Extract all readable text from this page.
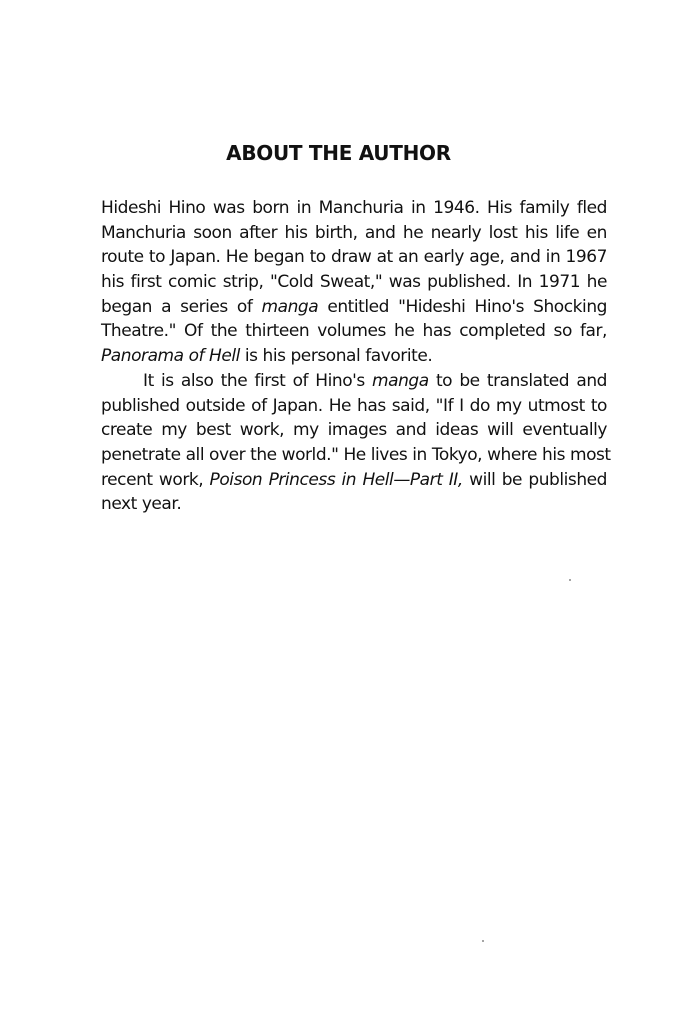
ABOUT THE AUTHOR
Hideshi Hino was born in Manchuria in 1946. His family fled
Manchuria soon after his birth, and he nearly lost his life en
route to Japan. He began to draw at an early age, and in 1967
his first comic strip, "Cold Sweat," was published. In 1971 he
began a series of manga entitled "Hideshi Hino's Shocking
Theatre." Of the thirteen volumes he has completed so far,
Panorama of Hell is his personal favorite.
It is also the first of Hino's manga to be translated and
published outside of Japan. He has said, "If I do my utmost to
create my best work, my images and ideas will eventually
penetrate all over the world." He lives in Tokyo, where his most
recent work, Poison Princess in Hell—Part II, will be published
next year.
